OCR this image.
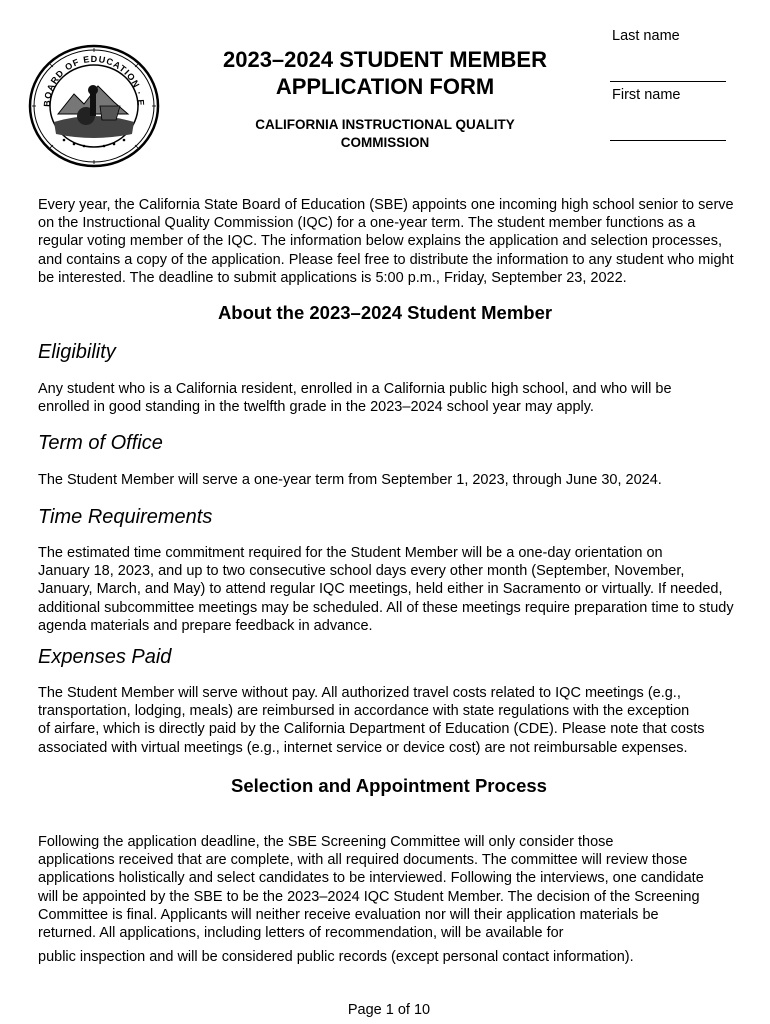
BOARD OF EDUCATION · E
2023–2024 STUDENT MEMBER
APPLICATION FORM
CALIFORNIA INSTRUCTIONAL QUALITY
COMMISSION
Last name
First name

Every year, the California State Board of Education (SBE) appoints one incoming high school senior to serve

on the Instructional Quality Commission (IQC) for a one-year term. The student member functions as a

regular voting member of the IQC. The information below explains the application and selection processes,

and contains a copy of the application. Please feel free to distribute the information to any student who might

be interested. The deadline to submit applications is 5:00 p.m., Friday, September 23, 2022.

About the 2023–2024 Student Member
Eligibility

Any student who is a California resident, enrolled in a California public high school, and who will be

enrolled in good standing in the twelfth grade in the 2023–2024 school year may apply.

Term of Office

The Student Member will serve a one-year term from September 1, 2023, through June 30, 2024.

Time Requirements

The estimated time commitment required for the Student Member will be a one-day orientation on

January 18, 2023, and up to two consecutive school days every other month (September, November,

January, March, and May) to attend regular IQC meetings, held either in Sacramento or virtually. If needed,

additional subcommittee meetings may be scheduled. All of these meetings require preparation time to study

agenda materials and prepare feedback in advance.

Expenses Paid

The Student Member will serve without pay. All authorized travel costs related to IQC meetings (e.g.,

transportation, lodging, meals) are reimbursed in accordance with state regulations with the exception

of airfare, which is directly paid by the California Department of Education (CDE). Please note that costs

associated with virtual meetings (e.g., internet service or device cost) are not reimbursable expenses.

Selection and Appointment Process

Following the application deadline, the SBE Screening Committee will only consider those

applications received that are complete, with all required documents. The committee will review those

applications holistically and select candidates to be interviewed. Following the interviews, one candidate

will be appointed by the SBE to be the 2023–2024 IQC Student Member. The decision of the Screening

Committee is final. Applicants will neither receive evaluation nor will their application materials be

returned. All applications, including letters of recommendation, will be available for

public inspection and will be considered public records (except personal contact information).
Page 1 of 10
